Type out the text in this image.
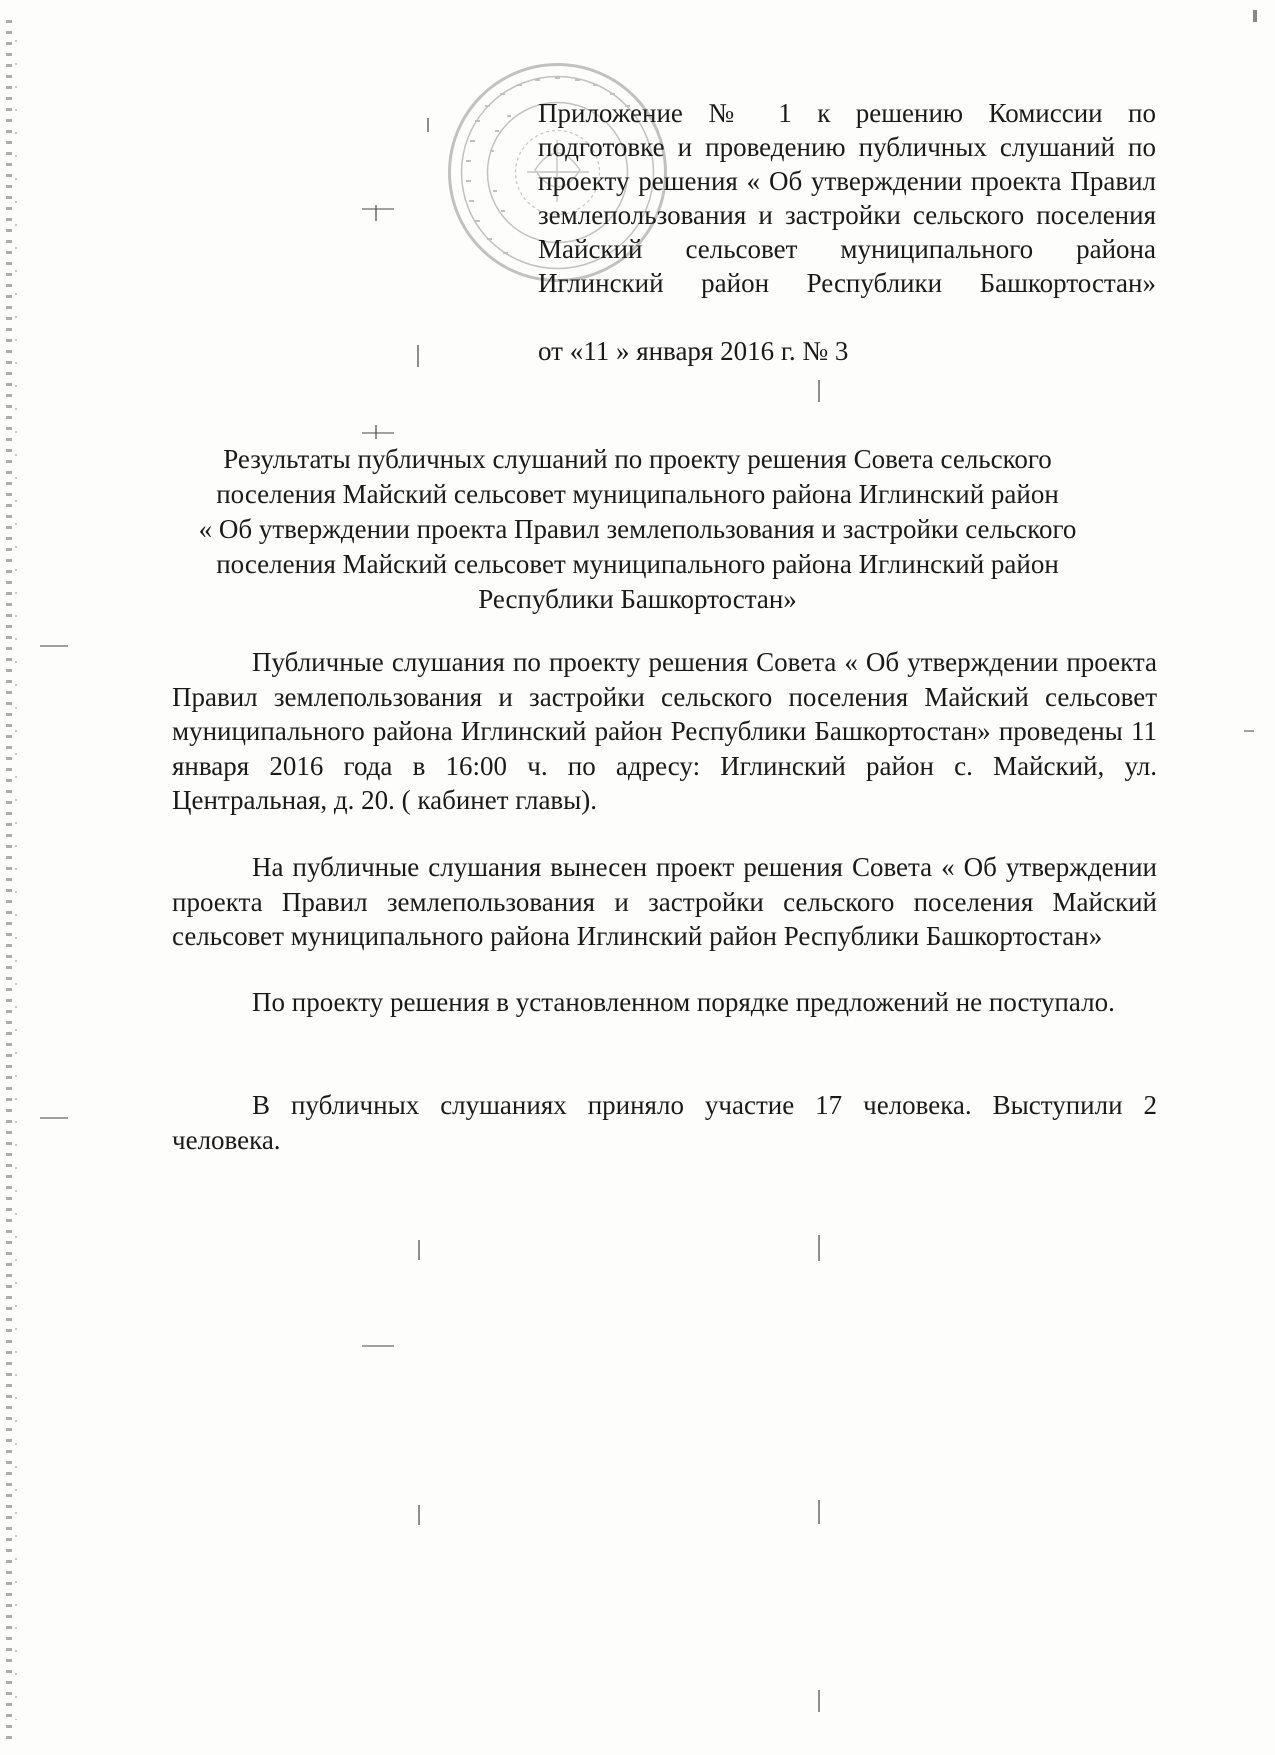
Приложение № 1 к решению Комиссии по подготовке и проведению публичных слушаний по проекту решения « Об утверждении проекта Правил землепользования и застройки сельского поселения Майский сельсовет муниципального района Иглинский район Республики Башкортостан»
от «11 » января 2016 г. № 3
Результаты публичных слушаний по проекту решения Совета сельского
поселения Майский сельсовет муниципального района Иглинский район
« Об утверждении проекта Правил землепользования и застройки сельского
поселения Майский сельсовет муниципального района Иглинский район
Республики Башкортостан»
Публичные слушания по проекту решения Совета « Об утверждении проекта Правил землепользования и застройки сельского поселения Майский сельсовет муниципального района Иглинский район Республики Башкортостан» проведены 11 января 2016 года в 16:00 ч. по адресу: Иглинский район с. Майский, ул. Центральная, д. 20. ( кабинет главы).
На публичные слушания вынесен проект решения Совета « Об утверждении проекта Правил землепользования и застройки сельского поселения Майский сельсовет муниципального района Иглинский район Республики Башкортостан»
По проекту решения в установленном порядке предложений не поступало.
В публичных слушаниях приняло участие 17 человека. Выступили 2 человека.
